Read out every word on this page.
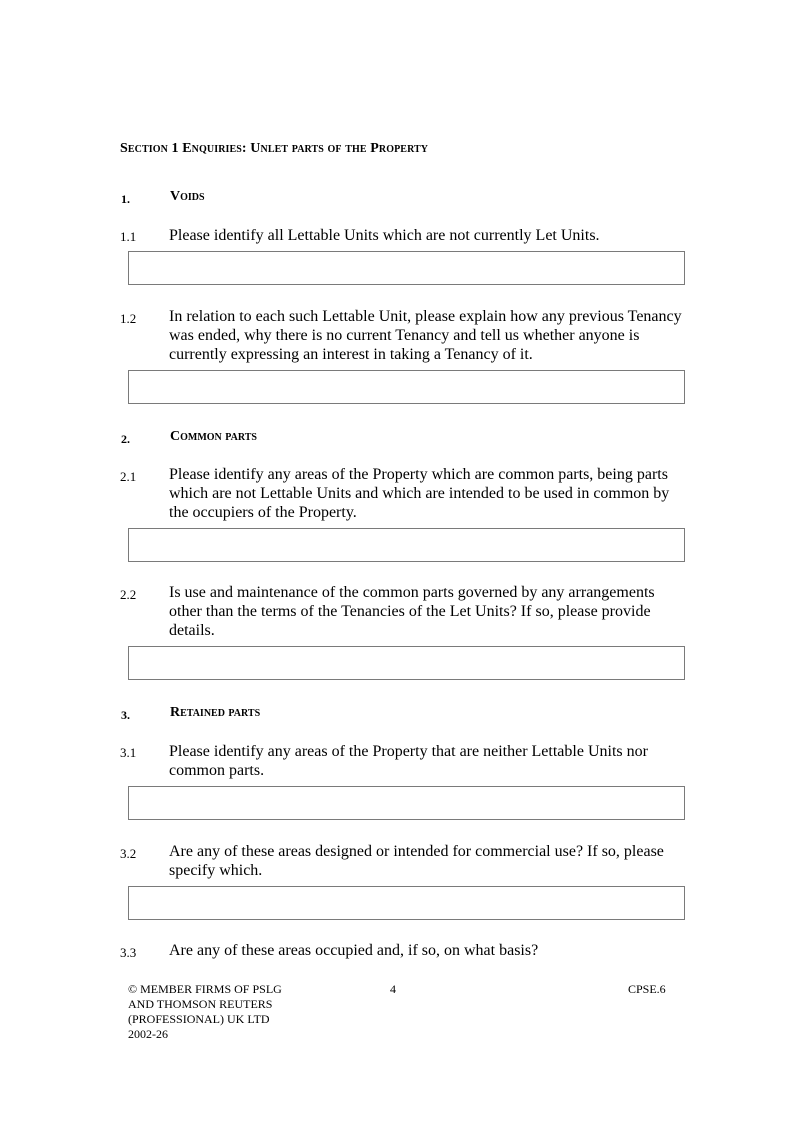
Section 1 Enquiries: Unlet parts of the Property
1.	Voids
1.1 Please identify all Lettable Units which are not currently Let Units.
1.2 In relation to each such Lettable Unit, please explain how any previous Tenancy was ended, why there is no current Tenancy and tell us whether anyone is currently expressing an interest in taking a Tenancy of it.
2.	Common parts
2.1 Please identify any areas of the Property which are common parts, being parts which are not Lettable Units and which are intended to be used in common by the occupiers of the Property.
2.2 Is use and maintenance of the common parts governed by any arrangements other than the terms of the Tenancies of the Let Units? If so, please provide details.
3.	Retained parts
3.1 Please identify any areas of the Property that are neither Lettable Units nor common parts.
3.2 Are any of these areas designed or intended for commercial use? If so, please specify which.
3.3 Are any of these areas occupied and, if so, on what basis?
© MEMBER FIRMS OF PSLG
AND THOMSON REUTERS
(PROFESSIONAL) UK LTD
2002-26
4	CPSE.6
